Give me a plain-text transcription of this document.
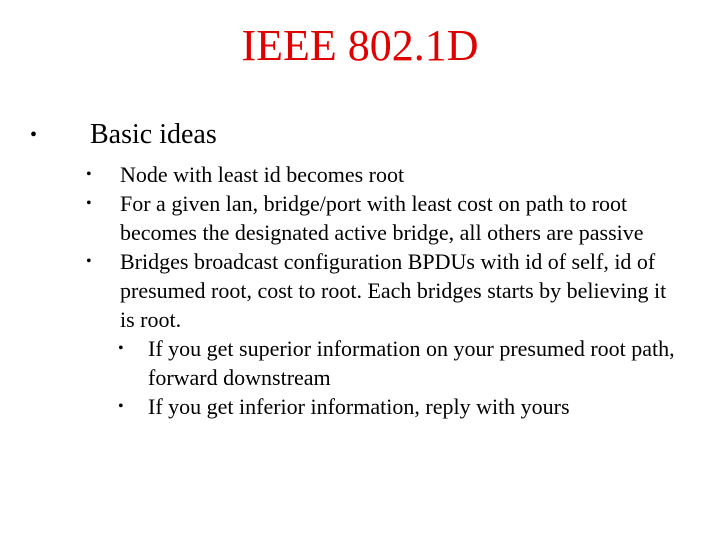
IEEE 802.1D
• Basic ideas
• Node with least id becomes root
• For a given lan, bridge/port with least cost on path to root becomes the designated active bridge, all others are passive
• Bridges broadcast configuration BPDUs with id of self, id of presumed root, cost to root. Each bridges starts by believing it is root.
• If you get superior information on your presumed root path, forward downstream
• If you get inferior information, reply with yours
